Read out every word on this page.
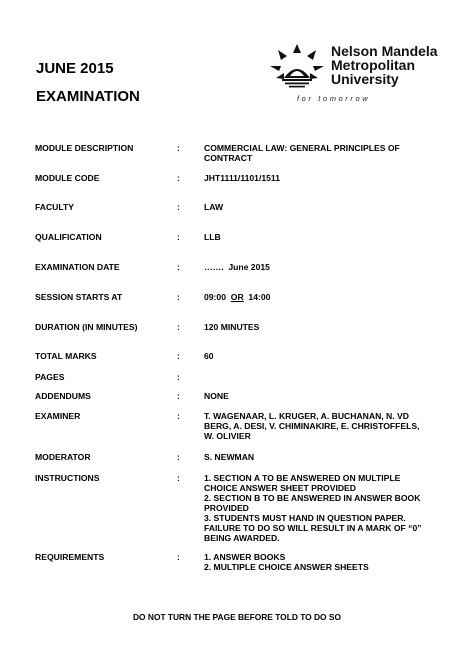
JUNE 2015
EXAMINATION
Nelson Mandela
Metropolitan
University
for tomorrow
MODULE DESCRIPTION	:	COMMERCIAL LAW: GENERAL PRINCIPLES OF
CONTRACT
MODULE CODE	:	JHT1111/1101/1511
FACULTY	:	LAW
QUALIFICATION	:	LLB
EXAMINATION DATE	:	…….  June 2015
SESSION STARTS AT	:	09:00  OR  14:00
DURATION (IN MINUTES)	:	120 MINUTES
TOTAL MARKS	:	60
PAGES	:
ADDENDUMS	:	NONE
EXAMINER	:	T. WAGENAAR, L. KRUGER, A. BUCHANAN, N. VD
BERG, A. DESI, V. CHIMINAKIRE, E. CHRISTOFFELS,
W. OLIVIER
MODERATOR	:	S. NEWMAN
INSTRUCTIONS	:	1. SECTION A TO BE ANSWERED ON MULTIPLE
CHOICE ANSWER SHEET PROVIDED
2. SECTION B TO BE ANSWERED IN ANSWER BOOK
PROVIDED
3. STUDENTS MUST HAND IN QUESTION PAPER.
FAILURE TO DO SO WILL RESULT IN A MARK OF “0”
BEING AWARDED.
REQUIREMENTS	:	1. ANSWER BOOKS
2. MULTIPLE CHOICE ANSWER SHEETS
DO NOT TURN THE PAGE BEFORE TOLD TO DO SO
